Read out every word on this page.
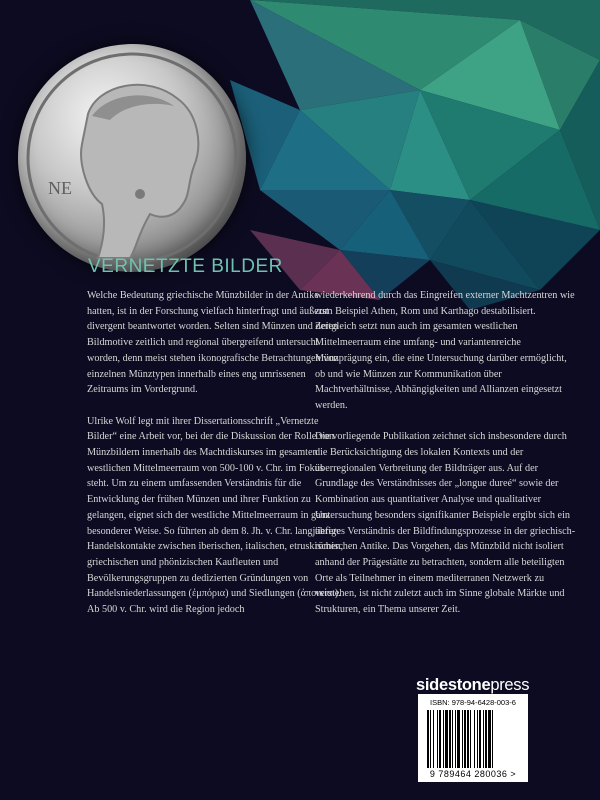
NE
VERNETZTE BILDER

Welche Bedeutung griechische Münzbilder in der Antike hatten, ist in der Forschung vielfach hinterfragt und äußerst divergent beantwortet worden. Selten sind Münzen und deren Bildmotive zeitlich und regional übergreifend untersucht worden, denn meist stehen ikonografische Betrachtungen von einzelnen Münztypen innerhalb eines eng umrissenen Zeitraums im Vordergrund.

Ulrike Wolf legt mit ihrer Dissertationsschrift „Vernetzte Bilder“ eine Arbeit vor, bei der die Diskussion der Rolle von Münzbildern innerhalb des Machtdiskurses im gesamten westlichen Mittelmeerraum von 500-100 v. Chr. im Fokus steht. Um zu einem umfassenden Verständnis für die Entwicklung der frühen Münzen und ihrer Funktion zu gelangen, eignet sich der westliche Mittelmeerraum in ganz besonderer Weise. So führten ab dem 8. Jh. v. Chr. langjährige Handelskontakte zwischen iberischen, italischen, etruskischen, griechischen und phönizischen Kaufleuten und Bevölkerungsgruppen zu dedizierten Gründungen von Handelsniederlassungen (ἐμπόρια) und Siedlungen (ἀποικίαι). Ab 500 v. Chr. wird die Region jedoch

wiederkehrend durch das Eingreifen externer Machtzentren wie zum Beispiel Athen, Rom und Karthago destabilisiert. Zeitgleich setzt nun auch im gesamten westlichen Mittelmeerraum eine umfang- und variantenreiche Münzprägung ein, die eine Untersuchung darüber ermöglicht, ob und wie Münzen zur Kommunikation über Machtverhältnisse, Abhängigkeiten und Allianzen eingesetzt werden.

Die vorliegende Publikation zeichnet sich insbesondere durch die Berücksichtigung des lokalen Kontexts und der überregionalen Verbreitung der Bildträger aus. Auf der Grundlage des Verständnisses der „longue dureé“ sowie der Kombination aus quantitativer Analyse und qualitativer Untersuchung besonders signifikanter Beispiele ergibt sich ein tieferes Verständnis der Bildfindungsprozesse in der griechisch-römischen Antike. Das Vorgehen, das Münzbild nicht isoliert anhand der Prägestätte zu betrachten, sondern alle beteiligten Orte als Teilnehmer in einem mediterranen Netzwerk zu verstehen, ist nicht zuletzt auch im Sinne globale Märkte und Strukturen, ein Thema unserer Zeit.

sidestonepress
ISBN: 978-94-6428-003-6
9 789464 280036 >
